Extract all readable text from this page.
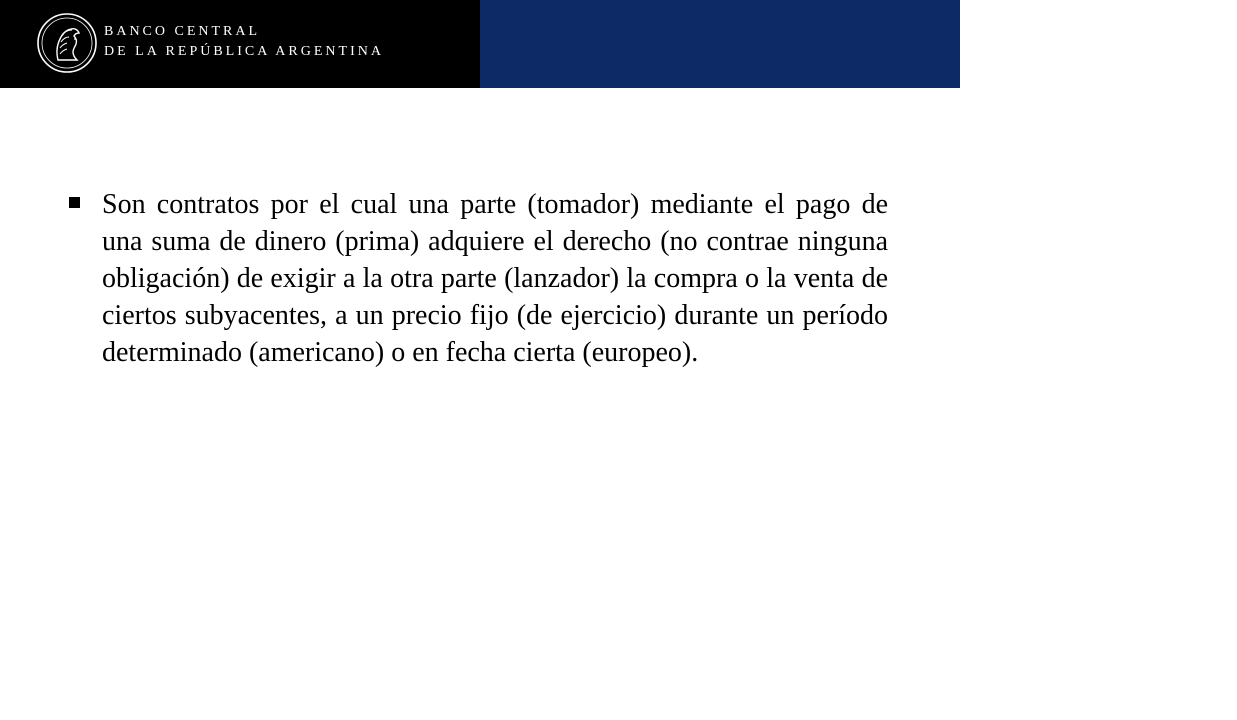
BANCO CENTRAL
DE LA REPÚBLICA ARGENTINA
Contabilización de Instrumentos
Financieros Derivados

Son contratos por el cual una parte (tomador) mediante el pago de una suma de dinero (prima) adquiere el derecho (no contrae ninguna obligación) de exigir a la otra parte (lanzador) la compra o la venta de ciertos subyacentes, a un precio fijo (de ejercicio) durante un período determinado (americano) o en fecha cierta (europeo).
